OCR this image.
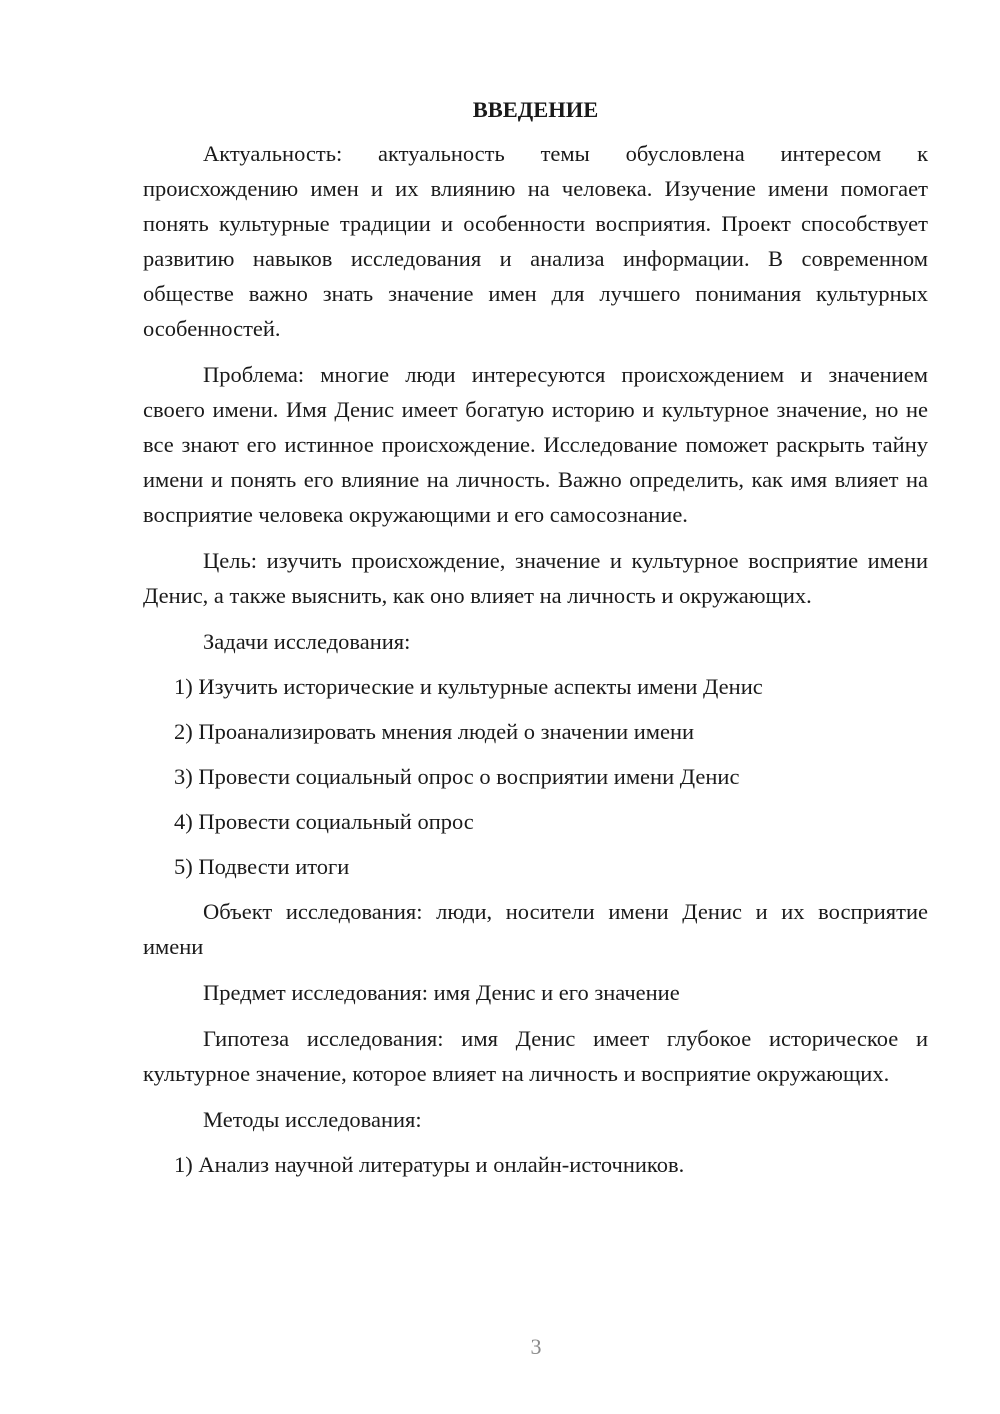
ВВЕДЕНИЕ

Актуальность: актуальность темы обусловлена интересом к происхождению имен и их влиянию на человека. Изучение имени помогает понять культурные традиции и особенности восприятия. Проект способствует развитию навыков исследования и анализа информации. В современном обществе важно знать значение имен для лучшего понимания культурных особенностей.

Проблема: многие люди интересуются происхождением и значением своего имени. Имя Денис имеет богатую историю и культурное значение, но не все знают его истинное происхождение. Исследование поможет раскрыть тайну имени и понять его влияние на личность. Важно определить, как имя влияет на восприятие человека окружающими и его самосознание.

Цель: изучить происхождение, значение и культурное восприятие имени Денис, а также выяснить, как оно влияет на личность и окружающих.

Задачи исследования:
1) Изучить исторические и культурные аспекты имени Денис
2) Проанализировать мнения людей о значении имени
3) Провести социальный опрос о восприятии имени Денис
4) Провести социальный опрос
5) Подвести итоги

Объект исследования: люди, носители имени Денис и их восприятие имени

Предмет исследования: имя Денис и его значение

Гипотеза исследования: имя Денис имеет глубокое историческое и культурное значение, которое влияет на личность и восприятие окружающих.

Методы исследования:
1) Анализ научной литературы и онлайн-источников.
3
